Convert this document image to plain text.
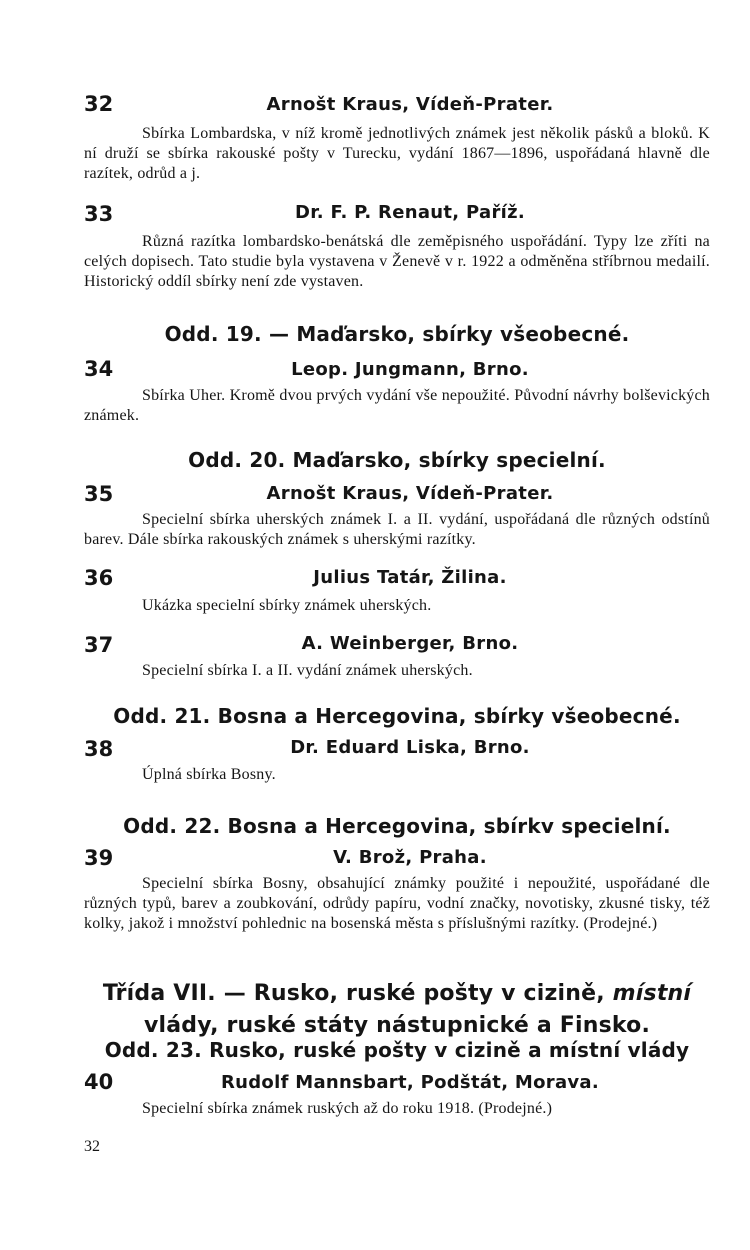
32	Arnošt Kraus, Vídeň-Prater.
Sbírka Lombardska, v níž kromě jednotlivých známek jest několik pásků a bloků. K ní druží se sbírka rakouské pošty v Turecku, vydání 1867—1896, uspořádaná hlavně dle razítek, odrůd a j.
33	Dr. F. P. Renaut, Paříž.
Různá razítka lombardsko-benátská dle zeměpisného uspořádání. Typy lze zříti na celých dopisech. Tato studie byla vystavena v Ženevě v r. 1922 a odměněna stříbrnou medailí. Historický oddíl sbírky není zde vystaven.
Odd. 19. — Maďarsko, sbírky všeobecné.
34	Leop. Jungmann, Brno.
Sbírka Uher. Kromě dvou prvých vydání vše nepoužité. Původní návrhy bolševických známek.
Odd. 20. Maďarsko, sbírky specielní.
35	Arnošt Kraus, Vídeň-Prater.
Specielní sbírka uherských známek I. a II. vydání, uspořádaná dle různých odstínů barev. Dále sbírka rakouských známek s uherskými razítky.
36	Julius Tatár, Žilina.
Ukázka specielní sbírky známek uherských.
37	A. Weinberger, Brno.
Specielní sbírka I. a II. vydání známek uherských.
Odd. 21. Bosna a Hercegovina, sbírky všeobecné.
38	Dr. Eduard Liska, Brno.
Úplná sbírka Bosny.
Odd. 22. Bosna a Hercegovina, sbírkv specielní.
39	V. Brož, Praha.
Specielní sbírka Bosny, obsahující známky použité i nepoužité, uspořádané dle různých typů, barev a zoubkování, odrůdy papíru, vodní značky, novotisky, zkusné tisky, též kolky, jakož i množství pohlednic na bosenská města s příslušnými razítky. (Prodejné.)
Třída VII. — Rusko, ruské pošty v cizině, místní
vlády, ruské státy nástupnické a Finsko.
Odd. 23. Rusko, ruské pošty v cizině a místní vlády
40	Rudolf Mannsbart, Podštát, Morava.
Specielní sbírka známek ruských až do roku 1918. (Prodejné.)
32
